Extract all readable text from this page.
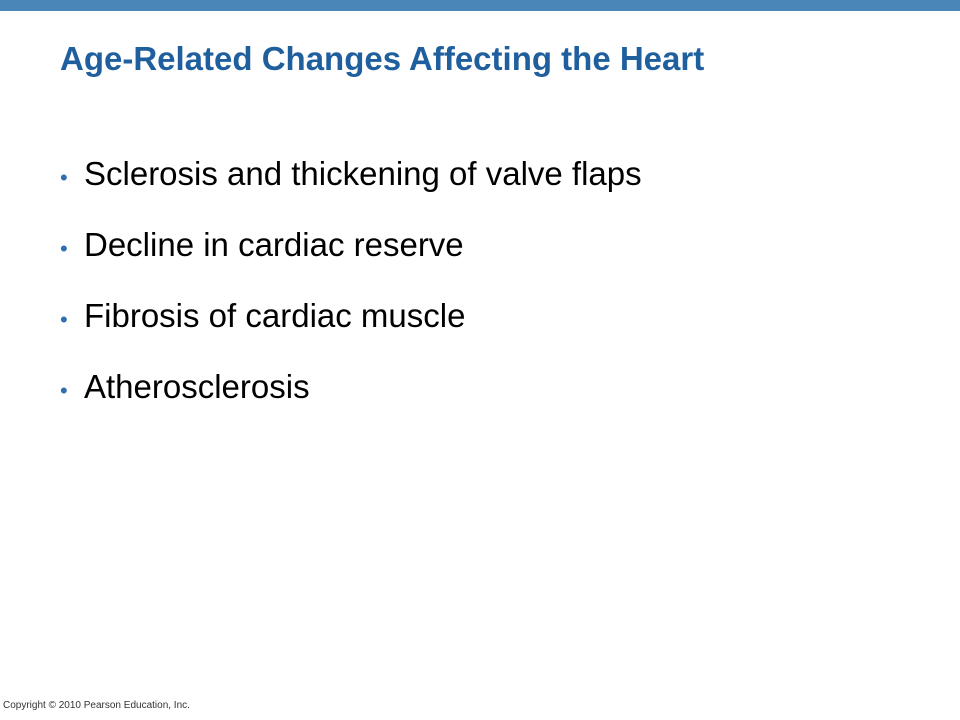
Age-Related Changes Affecting the Heart
• Sclerosis and thickening of valve flaps
• Decline in cardiac reserve
• Fibrosis of cardiac muscle
• Atherosclerosis
Copyright © 2010 Pearson Education, Inc.
